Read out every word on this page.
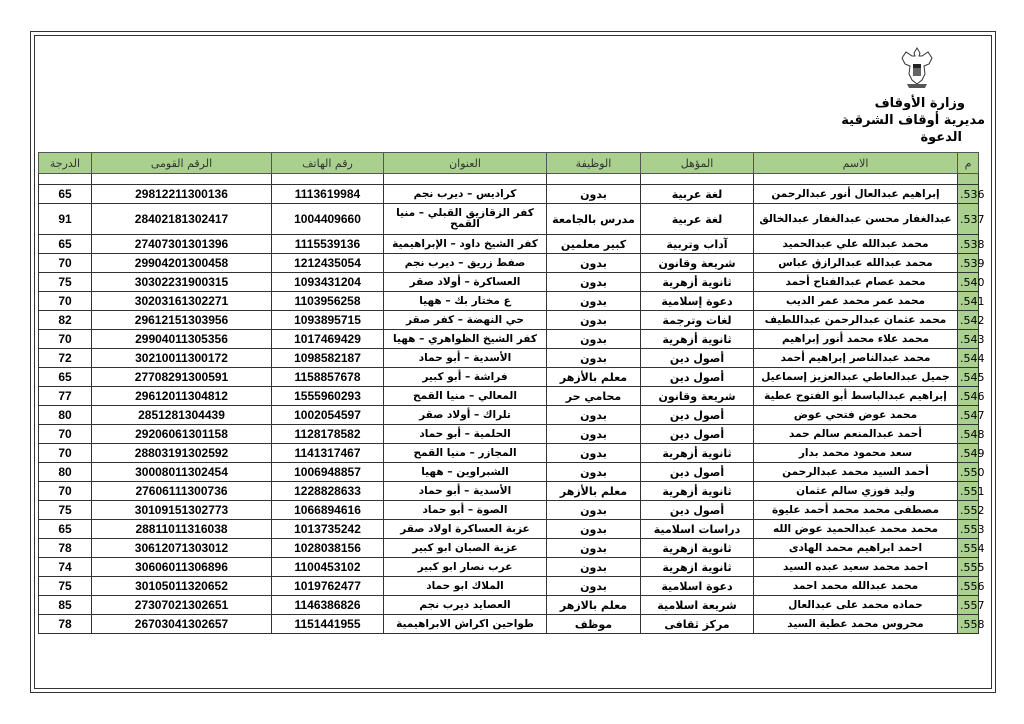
وزارة الأوقاف
مديرية أوقاف الشرقية
الدعوة
م	الاسم	المؤهل	الوظيفة	العنوان	رقم الهاتف	الرقم القومى	الدرجة

.536	إبراهيم عبدالعال أنور عبدالرحمن	لغة عربية	بدون	كراديس – ديرب نجم	1113619984	29812211300136	65
.537	عبدالغفار محسن عبدالغفار عبدالخالق	لغة عربية	مدرس بالجامعة	كفر الزقازيق القبلي – منيا القمح	1004409660	28402181302417	91
.538	محمد عبدالله علي عبدالحميد	آداب وتربية	كبير معلمين	كفر الشيخ داود – الإبراهيمية	1115539136	27407301301396	65
.539	محمد عبدالله عبدالرازق عباس	شريعة وقانون	بدون	صفط زريق – ديرب نجم	1212435054	29904201300458	70
.540	محمد عصام عبدالفتاح أحمد	ثانوية أزهرية	بدون	العساكرة – أولاد صقر	1093431204	30302231900315	75
.541	محمد عمر محمد عمر الديب	دعوة إسلامية	بدون	ع مختار بك – ههيا	1103956258	30203161302271	70
.542	محمد عثمان عبدالرحمن عبداللطيف	لغات وترجمة	بدون	حي النهضة – كفر صقر	1093895715	29612151303956	82
.543	محمد علاء محمد أنور إبراهيم	ثانوية أزهرية	بدون	كفر الشيخ الظواهري – ههيا	1017469429	29904011305356	70
.544	محمد عبدالناصر إبراهيم أحمد	أصول دين	بدون	الأسدية – أبو حماد	1098582187	30210011300172	72
.545	جميل عبدالعاطي عبدالعزيز إسماعيل	أصول دين	معلم بالأزهر	فراشة – أبو كبير	1158857678	27708291300591	65
.546	إبراهيم عبدالباسط أبو الفتوح عطية	شريعة وقانون	محامي حر	المعالي – منيا القمح	1555960293	29612011304812	77
.547	محمد عوض فتحي عوض	أصول دين	بدون	تلراك – أولاد صقر	1002054597	2851281304439	80
.548	أحمد عبدالمنعم سالم حمد	أصول دين	بدون	الحلمية – أبو حماد	1128178582	29206061301158	70
.549	سعد محمود محمد بدار	ثانوية أزهرية	بدون	المجازر – منيا القمح	1141317467	28803191302592	70
.550	أحمد السيد محمد عبدالرحمن	أصول دين	بدون	الشبراوين – ههيا	1006948857	30008011302454	80
.551	وليد فوزي سالم عثمان	ثانوية أزهرية	معلم بالأزهر	الأسدية – أبو حماد	1228828633	27606111300736	70
.552	مصطفى محمد محمد أحمد عليوة	أصول دين	بدون	الصوة – أبو حماد	1066894616	30109151302773	75
.553	محمد محمد عبدالحميد عوض الله	دراسات اسلامية	بدون	عزبة العساكرة اولاد صقر	1013735242	28811011316038	65
.554	احمد ابراهيم محمد الهادى	ثانوية ازهرية	بدون	عزبة الصبان ابو كبير	1028038156	30612071303012	78
.555	احمد محمد سعيد عبده السيد	ثانوية ازهرية	بدون	عرب نصار ابو كبير	1100453102	30606011306896	74
.556	محمد عبدالله محمد احمد	دعوة اسلامية	بدون	الملاك ابو حماد	1019762477	30105011320652	75
.557	حماده محمد على عبدالعال	شريعة اسلامية	معلم بالازهر	العصايد ديرب نجم	1146386826	27307021302651	85
.558	محروس محمد عطية السيد	مركز ثقافى	موظف	طواحين اكراش الابراهيمية	1151441955	26703041302657	78
